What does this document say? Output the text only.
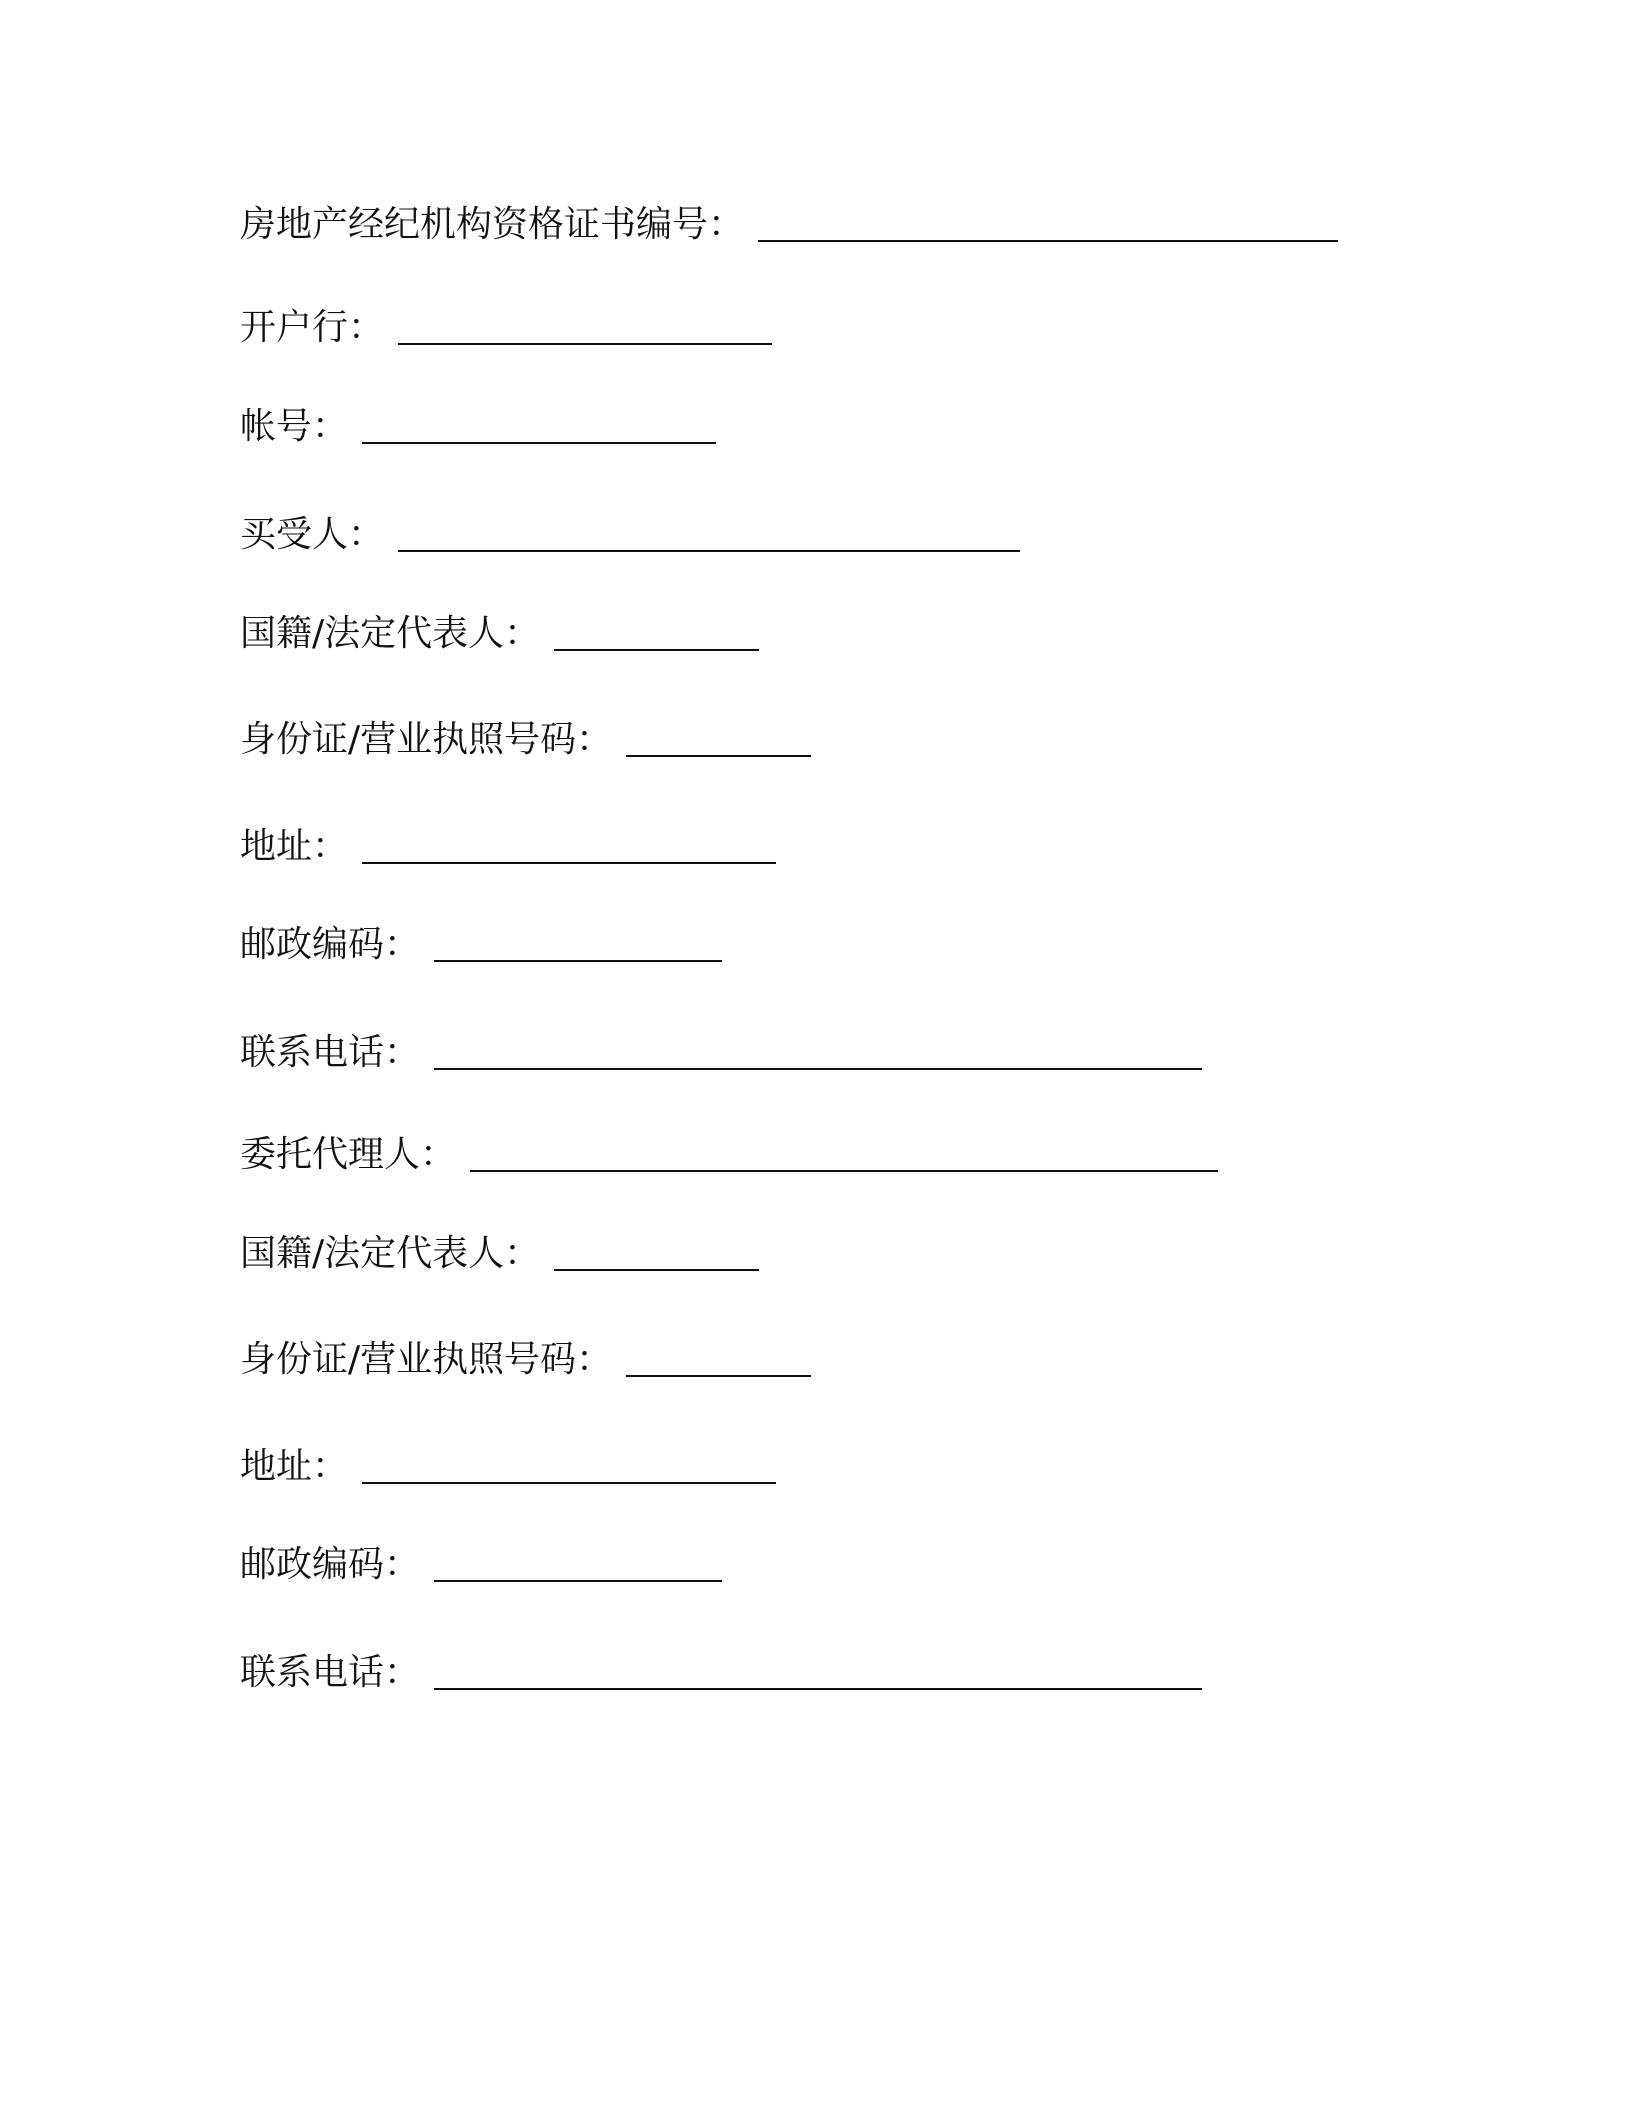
房地产经纪机构资格证书编号：
开户行：
帐号：
买受人：
国籍/法定代表人：
身份证/营业执照号码：
地址：
邮政编码：
联系电话：
委托代理人：
国籍/法定代表人：
身份证/营业执照号码：
地址：
邮政编码：
联系电话：
